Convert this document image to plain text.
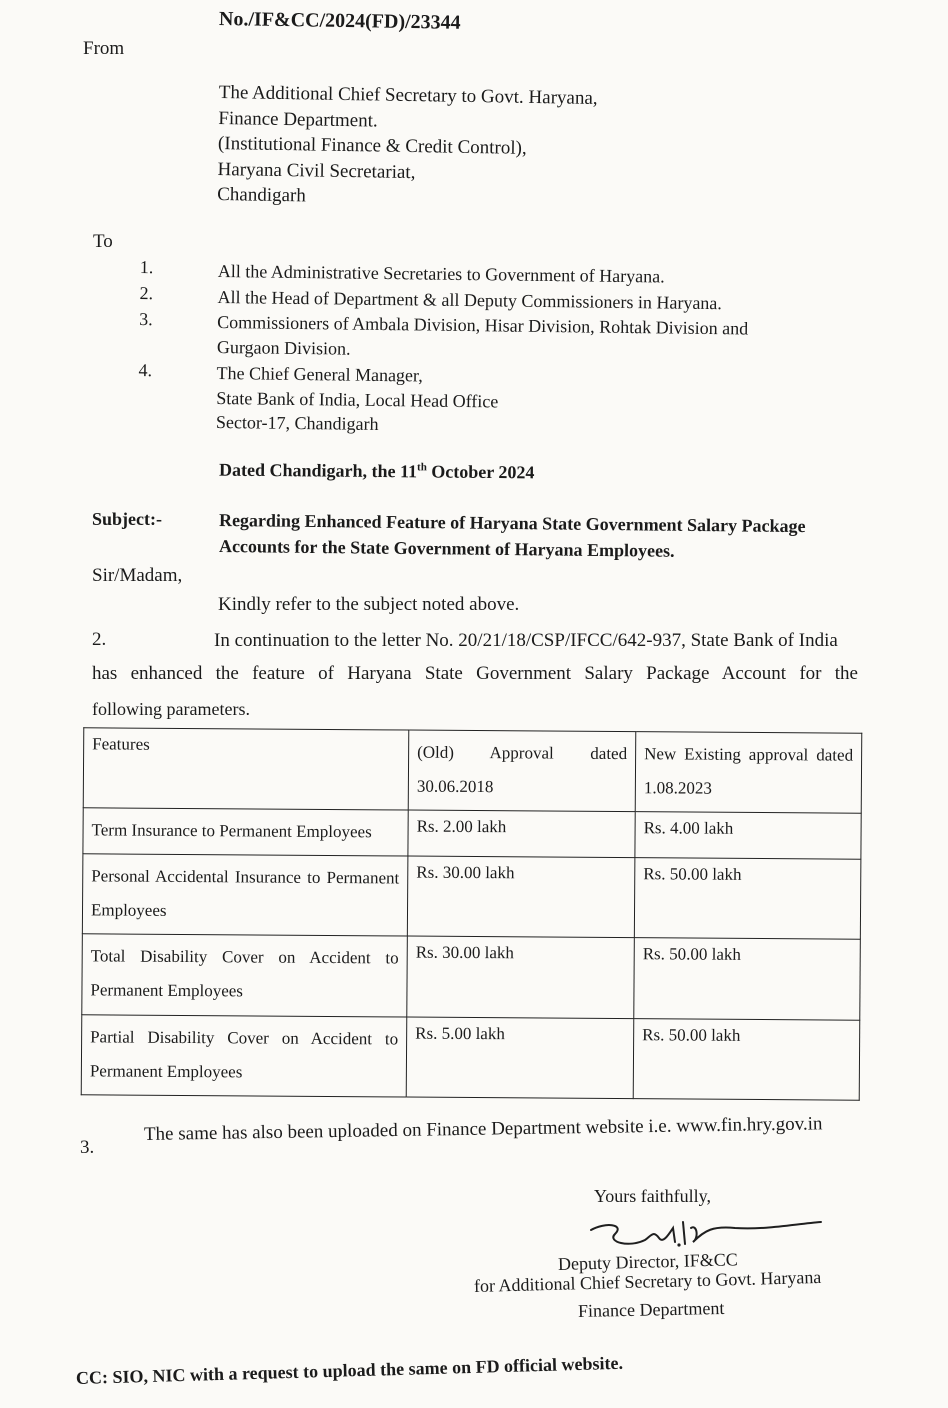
No./IF&CC/2024(FD)/23344
From
The Additional Chief Secretary to Govt. Haryana,
Finance Department.
(Institutional Finance & Credit Control),
Haryana Civil Secretariat,
Chandigarh
To
1.	All the Administrative Secretaries to Government of Haryana.
2.	All the Head of Department & all Deputy Commissioners in Haryana.
3.	Commissioners of Ambala Division, Hisar Division, Rohtak Division and
Gurgaon Division.
4.	The Chief General Manager,
State Bank of India, Local Head Office
Sector-17, Chandigarh
Dated Chandigarh, the 11th October 2024
Subject:-	Regarding Enhanced Feature of Haryana State Government Salary Package
Accounts for the State Government of Haryana Employees.
Sir/Madam,
Kindly refer to the subject noted above.
2.	In continuation to the letter No. 20/21/18/CSP/IFCC/642-937, State Bank of India
has enhanced the feature of Haryana State Government Salary Package Account for the
following parameters.
Features	(Old) Approval dated 30.06.2018	New Existing approval dated 1.08.2023
Term Insurance to Permanent Employees	Rs. 2.00 lakh	Rs. 4.00 lakh
Personal Accidental Insurance to Permanent Employees	Rs. 30.00 lakh	Rs. 50.00 lakh
Total Disability Cover on Accident to Permanent Employees	Rs. 30.00 lakh	Rs. 50.00 lakh
Partial Disability Cover on Accident to Permanent Employees	Rs. 5.00 lakh	Rs. 50.00 lakh
3.
The same has also been uploaded on Finance Department website i.e. www.fin.hry.gov.in
Yours faithfully,
Deputy Director, IF&CC
for Additional Chief Secretary to Govt. Haryana
Finance Department
CC: SIO, NIC with a request to upload the same on FD official website.
